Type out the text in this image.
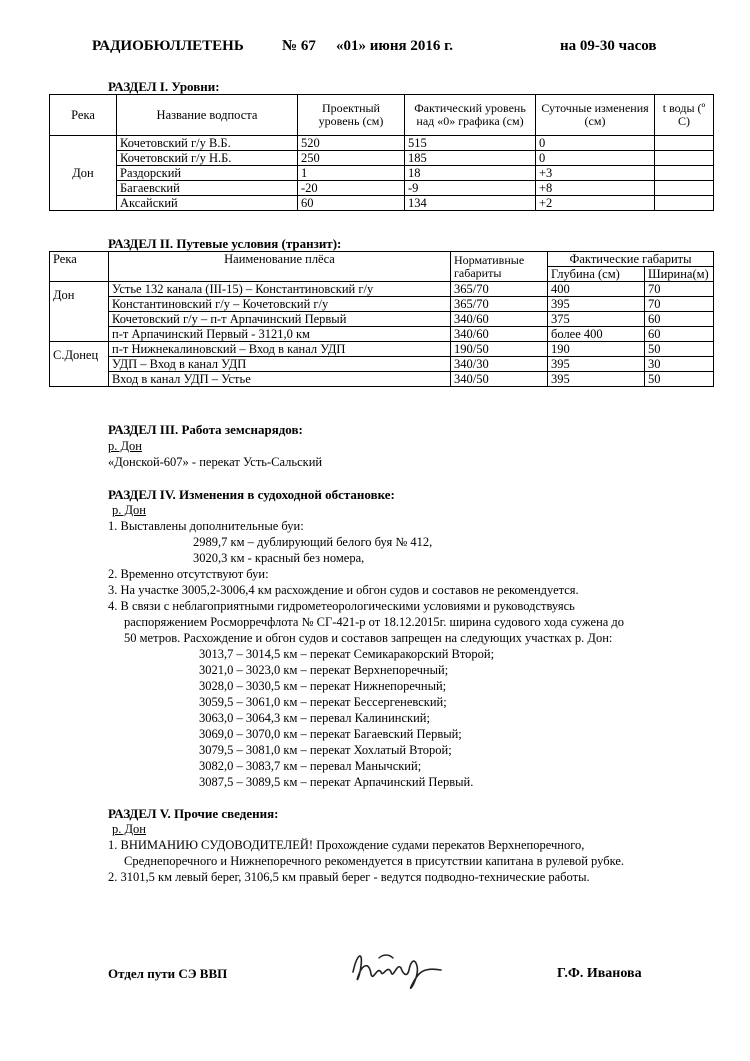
РАДИОБЮЛЛЕТЕНЬ	№ 67 «01» июня 2016 г.	на 09-30 часов
РАЗДЕЛ I. Уровни:
Река	Название водпоста	Проектный уровень (см)	Фактический уровень над «0» графика (см)	Суточные изменения (см)	t воды (º С)
Дон	Кочетовский г/у В.Б.	520	515	0	
	Кочетовский г/у Н.Б.	250	185	0	
	Раздорский	1	18	+3	
	Багаевский	-20	-9	+8	
	Аксайский	60	134	+2	
РАЗДЕЛ II. Путевые условия (транзит):
Река	Наименование плёса	Нормативные габариты	Фактические габариты	
			Глубина (см)	Ширина(м)
Дон	Устье 132 канала (III-15) – Константиновский г/у	365/70	400	70
	Константиновский г/у – Кочетовский г/у	365/70	395	70
	Кочетовский г/у – п-т Арпачинский Первый	340/60	375	60
	п-т Арпачинский Первый - 3121,0 км	340/60	более 400	60
С.Донец	п-т Нижнекалиновский – Вход в канал УДП	190/50	190	50
	УДП – Вход в канал УДП	340/30	395	30
	Вход в канал УДП – Устье	340/50	395	50
РАЗДЕЛ III. Работа земснарядов:
р. Дон
«Донской-607» - перекат Усть-Сальский
РАЗДЕЛ IV. Изменения в судоходной обстановке:
р. Дон
1. Выставлены дополнительные буи:
2989,7 км – дублирующий белого буя № 412,
3020,3 км - красный без номера,
2. Временно отсутствуют буи:
3. На участке 3005,2-3006,4 км расхождение и обгон судов и составов не рекомендуется.
4. В связи с неблагоприятными гидрометеорологическими условиями и руководствуясь
распоряжением Росморречфлота № СГ-421-р от 18.12.2015г. ширина судового хода сужена до
50 метров. Расхождение и обгон судов и составов запрещен на следующих участках р. Дон:
3013,7 – 3014,5 км – перекат Семикаракорский Второй;
3021,0 – 3023,0 км – перекат Верхнепоречный;
3028,0 – 3030,5 км – перекат Нижнепоречный;
3059,5 – 3061,0 км – перекат Бессергеневский;
3063,0 – 3064,3 км – перевал Калининский;
3069,0 – 3070,0 км – перекат Багаевский Первый;
3079,5 – 3081,0 км – перекат Хохлатый Второй;
3082,0 – 3083,7 км – перевал Манычский;
3087,5 – 3089,5 км – перекат Арпачинский Первый.
РАЗДЕЛ V. Прочие сведения:
р. Дон
1. ВНИМАНИЮ СУДОВОДИТЕЛЕЙ! Прохождение судами перекатов Верхнепоречного,
Среднепоречного и Нижнепоречного рекомендуется в присутствии капитана в рулевой рубке.
2. 3101,5 км левый берег, 3106,5 км правый берег - ведутся подводно-технические работы.
Отдел пути СЭ ВВП	Г.Ф. Иванова
